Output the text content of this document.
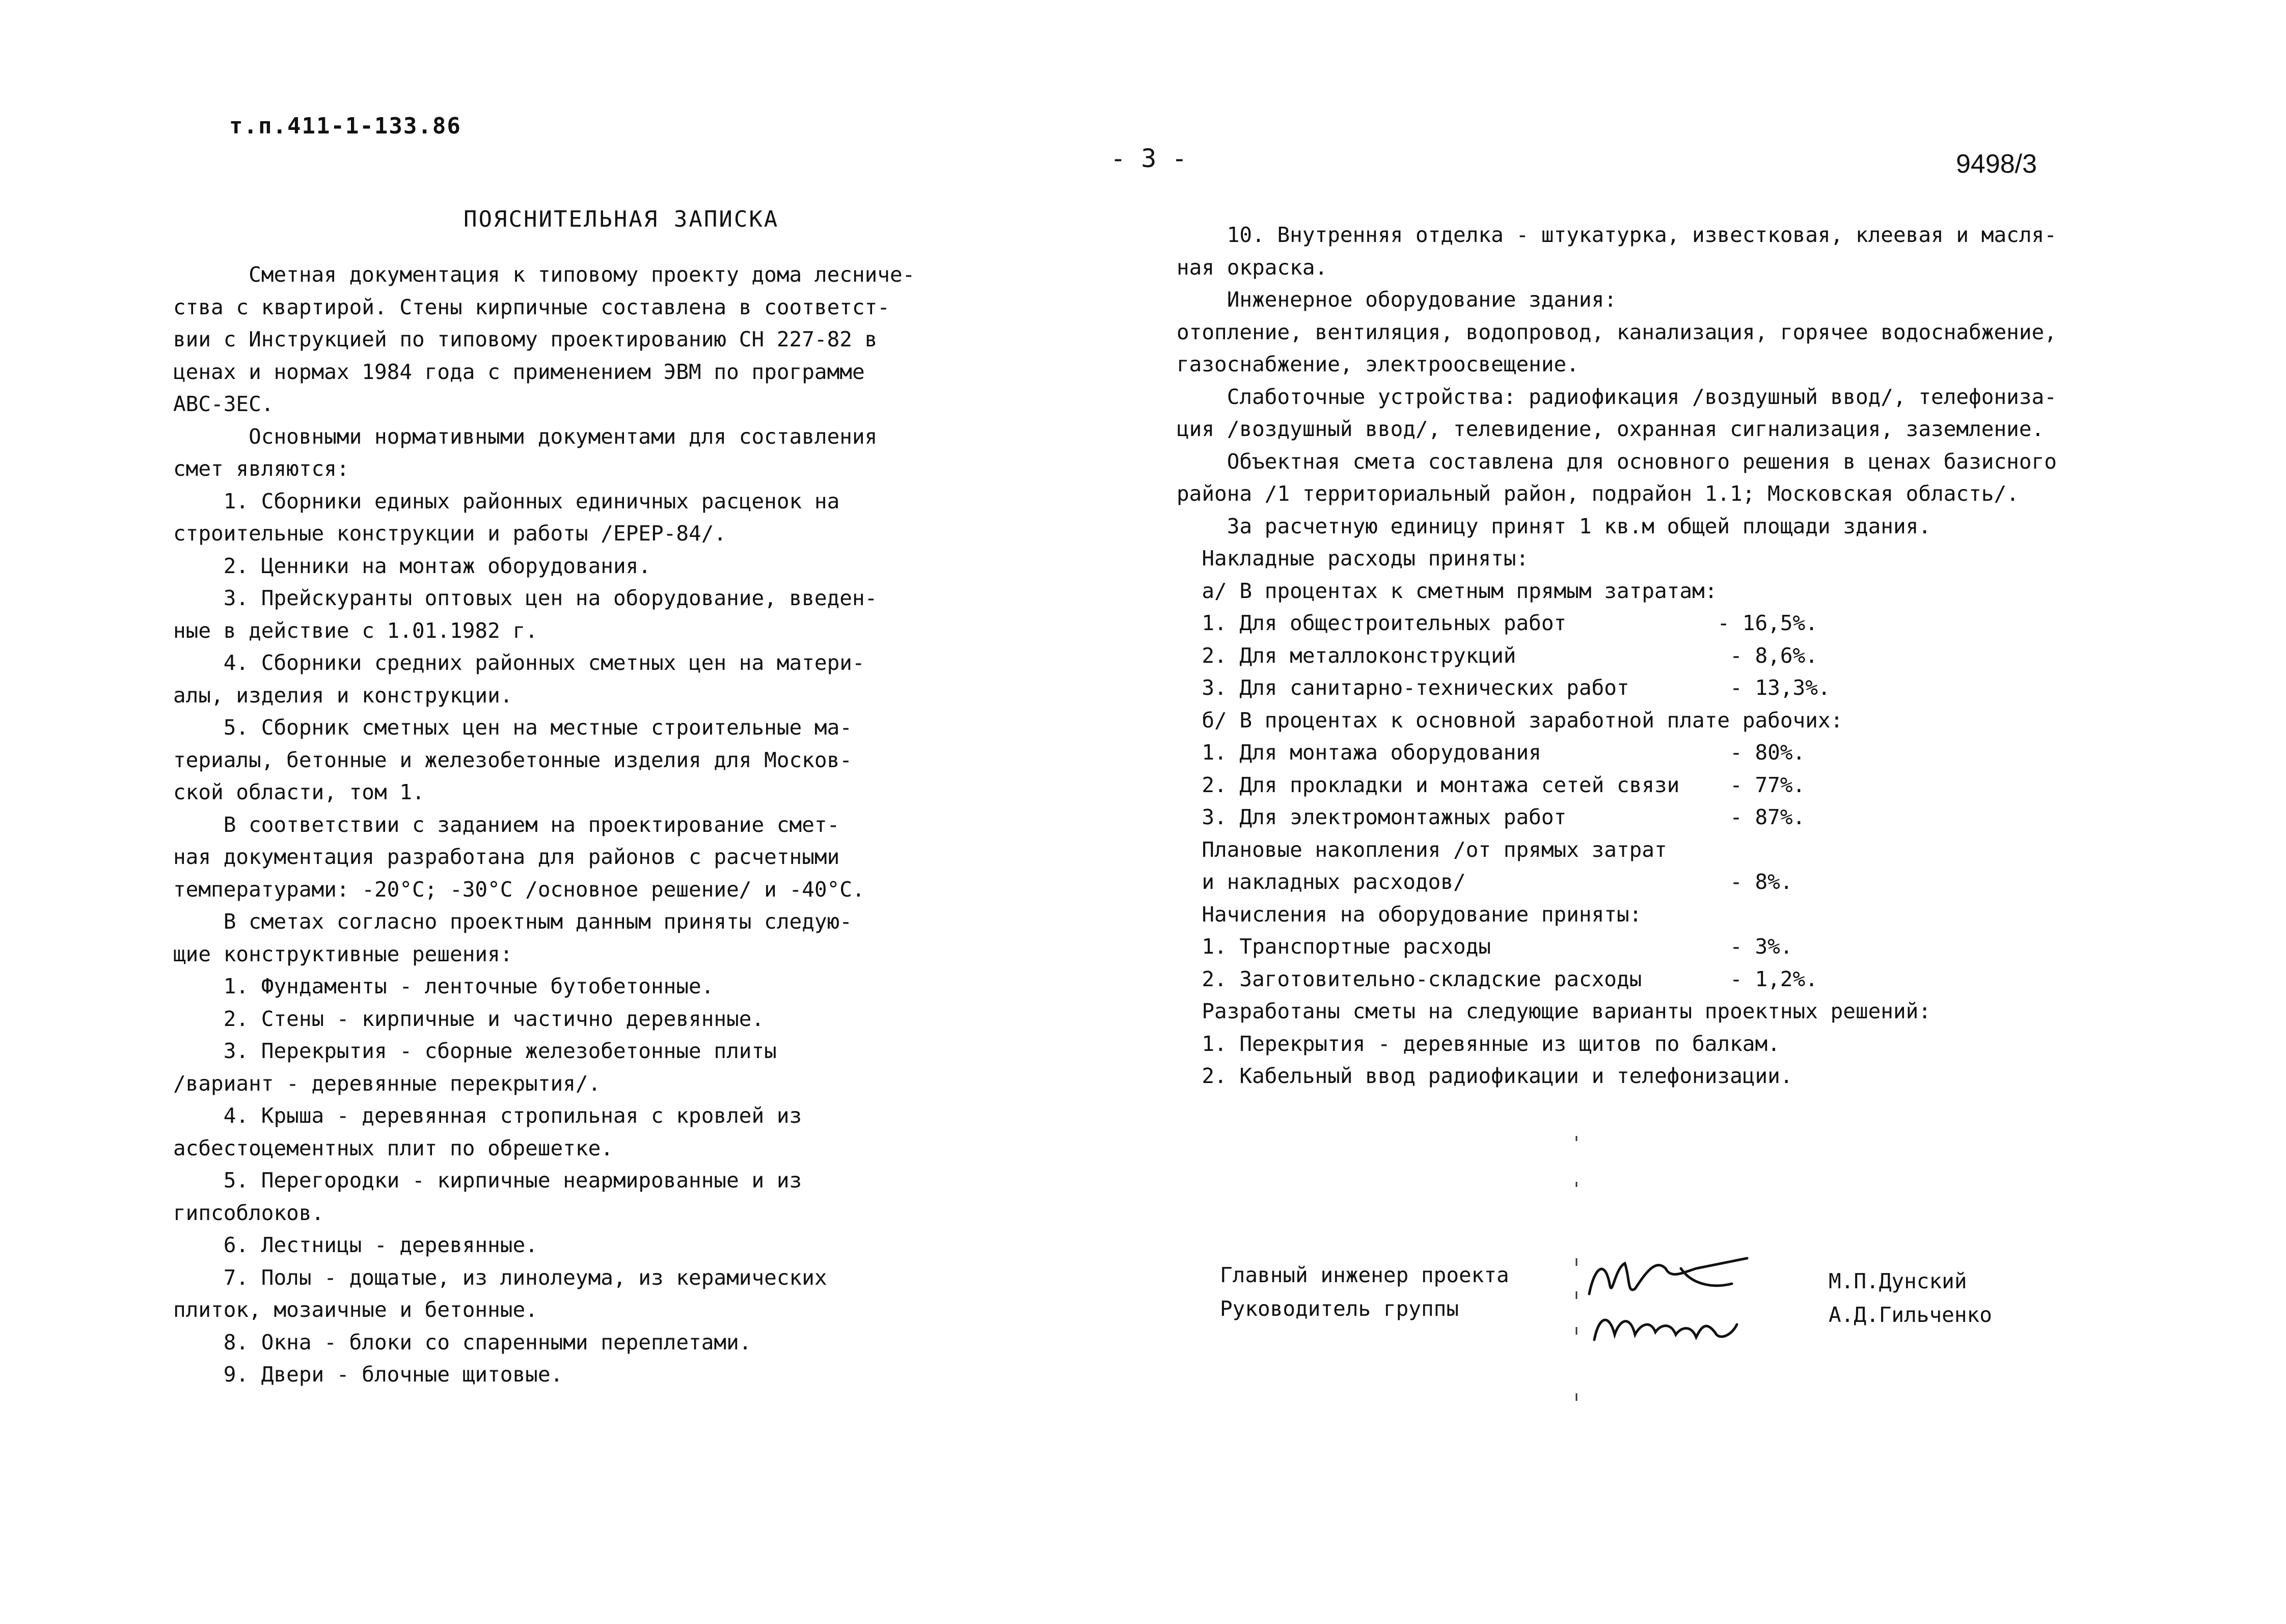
т.п.411-1-133.86
- 3 -	9498/3
ПОЯСНИТЕЛЬНАЯ ЗАПИСКА
Сметная документация к типовому проекту дома лесниче-
ства с квартирой. Стены кирпичные составлена в соответст-
вии с Инструкцией по типовому проектированию СН 227-82 в
ценах и нормах 1984 года с применением ЭВМ по программе
АВС-3ЕС.
Основными нормативными документами для составления
смет являются:
1. Сборники единых районных единичных расценок на
строительные конструкции и работы /ЕРЕР-84/.
2. Ценники на монтаж оборудования.
3. Прейскуранты оптовых цен на оборудование, введен-
ные в действие с 1.01.1982 г.
4. Сборники средних районных сметных цен на матери-
алы, изделия и конструкции.
5. Сборник сметных цен на местные строительные ма-
териалы, бетонные и железобетонные изделия для Москов-
ской области, том 1.
В соответствии с заданием на проектирование смет-
ная документация разработана для районов с расчетными
температурами: -20°С; -30°С /основное решение/ и -40°С.
В сметах согласно проектным данным приняты следую-
щие конструктивные решения:
1. Фундаменты - ленточные бутобетонные.
2. Стены - кирпичные и частично деревянные.
3. Перекрытия - сборные железобетонные плиты
/вариант - деревянные перекрытия/.
4. Крыша - деревянная стропильная с кровлей из
асбестоцементных плит по обрешетке.
5. Перегородки - кирпичные неармированные и из
гипсоблоков.
6. Лестницы - деревянные.
7. Полы - дощатые, из линолеума, из керамических
плиток, мозаичные и бетонные.
8. Окна - блоки со спаренными переплетами.
9. Двери - блочные щитовые.
10. Внутренняя отделка - штукатурка, известковая, клеевая и масля-
ная окраска.
Инженерное оборудование здания:
отопление, вентиляция, водопровод, канализация, горячее водоснабжение,
газоснабжение, электроосвещение.
Слаботочные устройства: радиофикация /воздушный ввод/, телефониза-
ция /воздушный ввод/, телевидение, охранная сигнализация, заземление.
Объектная смета составлена для основного решения в ценах базисного
района /1 территориальный район, подрайон 1.1; Московская область/.
За расчетную единицу принят 1 кв.м общей площади здания.
Накладные расходы приняты:
а/ В процентах к сметным прямым затратам:
1. Для общестроительных работ            - 16,5%.
2. Для металлоконструкций                 - 8,6%.
3. Для санитарно-технических работ        - 13,3%.
б/ В процентах к основной заработной плате рабочих:
1. Для монтажа оборудования               - 80%.
2. Для прокладки и монтажа сетей связи    - 77%.
3. Для электромонтажных работ             - 87%.
Плановые накопления /от прямых затрат
и накладных расходов/                     - 8%.
Начисления на оборудование приняты:
1. Транспортные расходы                   - 3%.
2. Заготовительно-складские расходы       - 1,2%.
Разработаны сметы на следующие варианты проектных решений:
1. Перекрытия - деревянные из щитов по балкам.
2. Кабельный ввод радиофикации и телефонизации.
Главный инженер проекта
Руководитель группы
М.П.Дунский
А.Д.Гильченко
